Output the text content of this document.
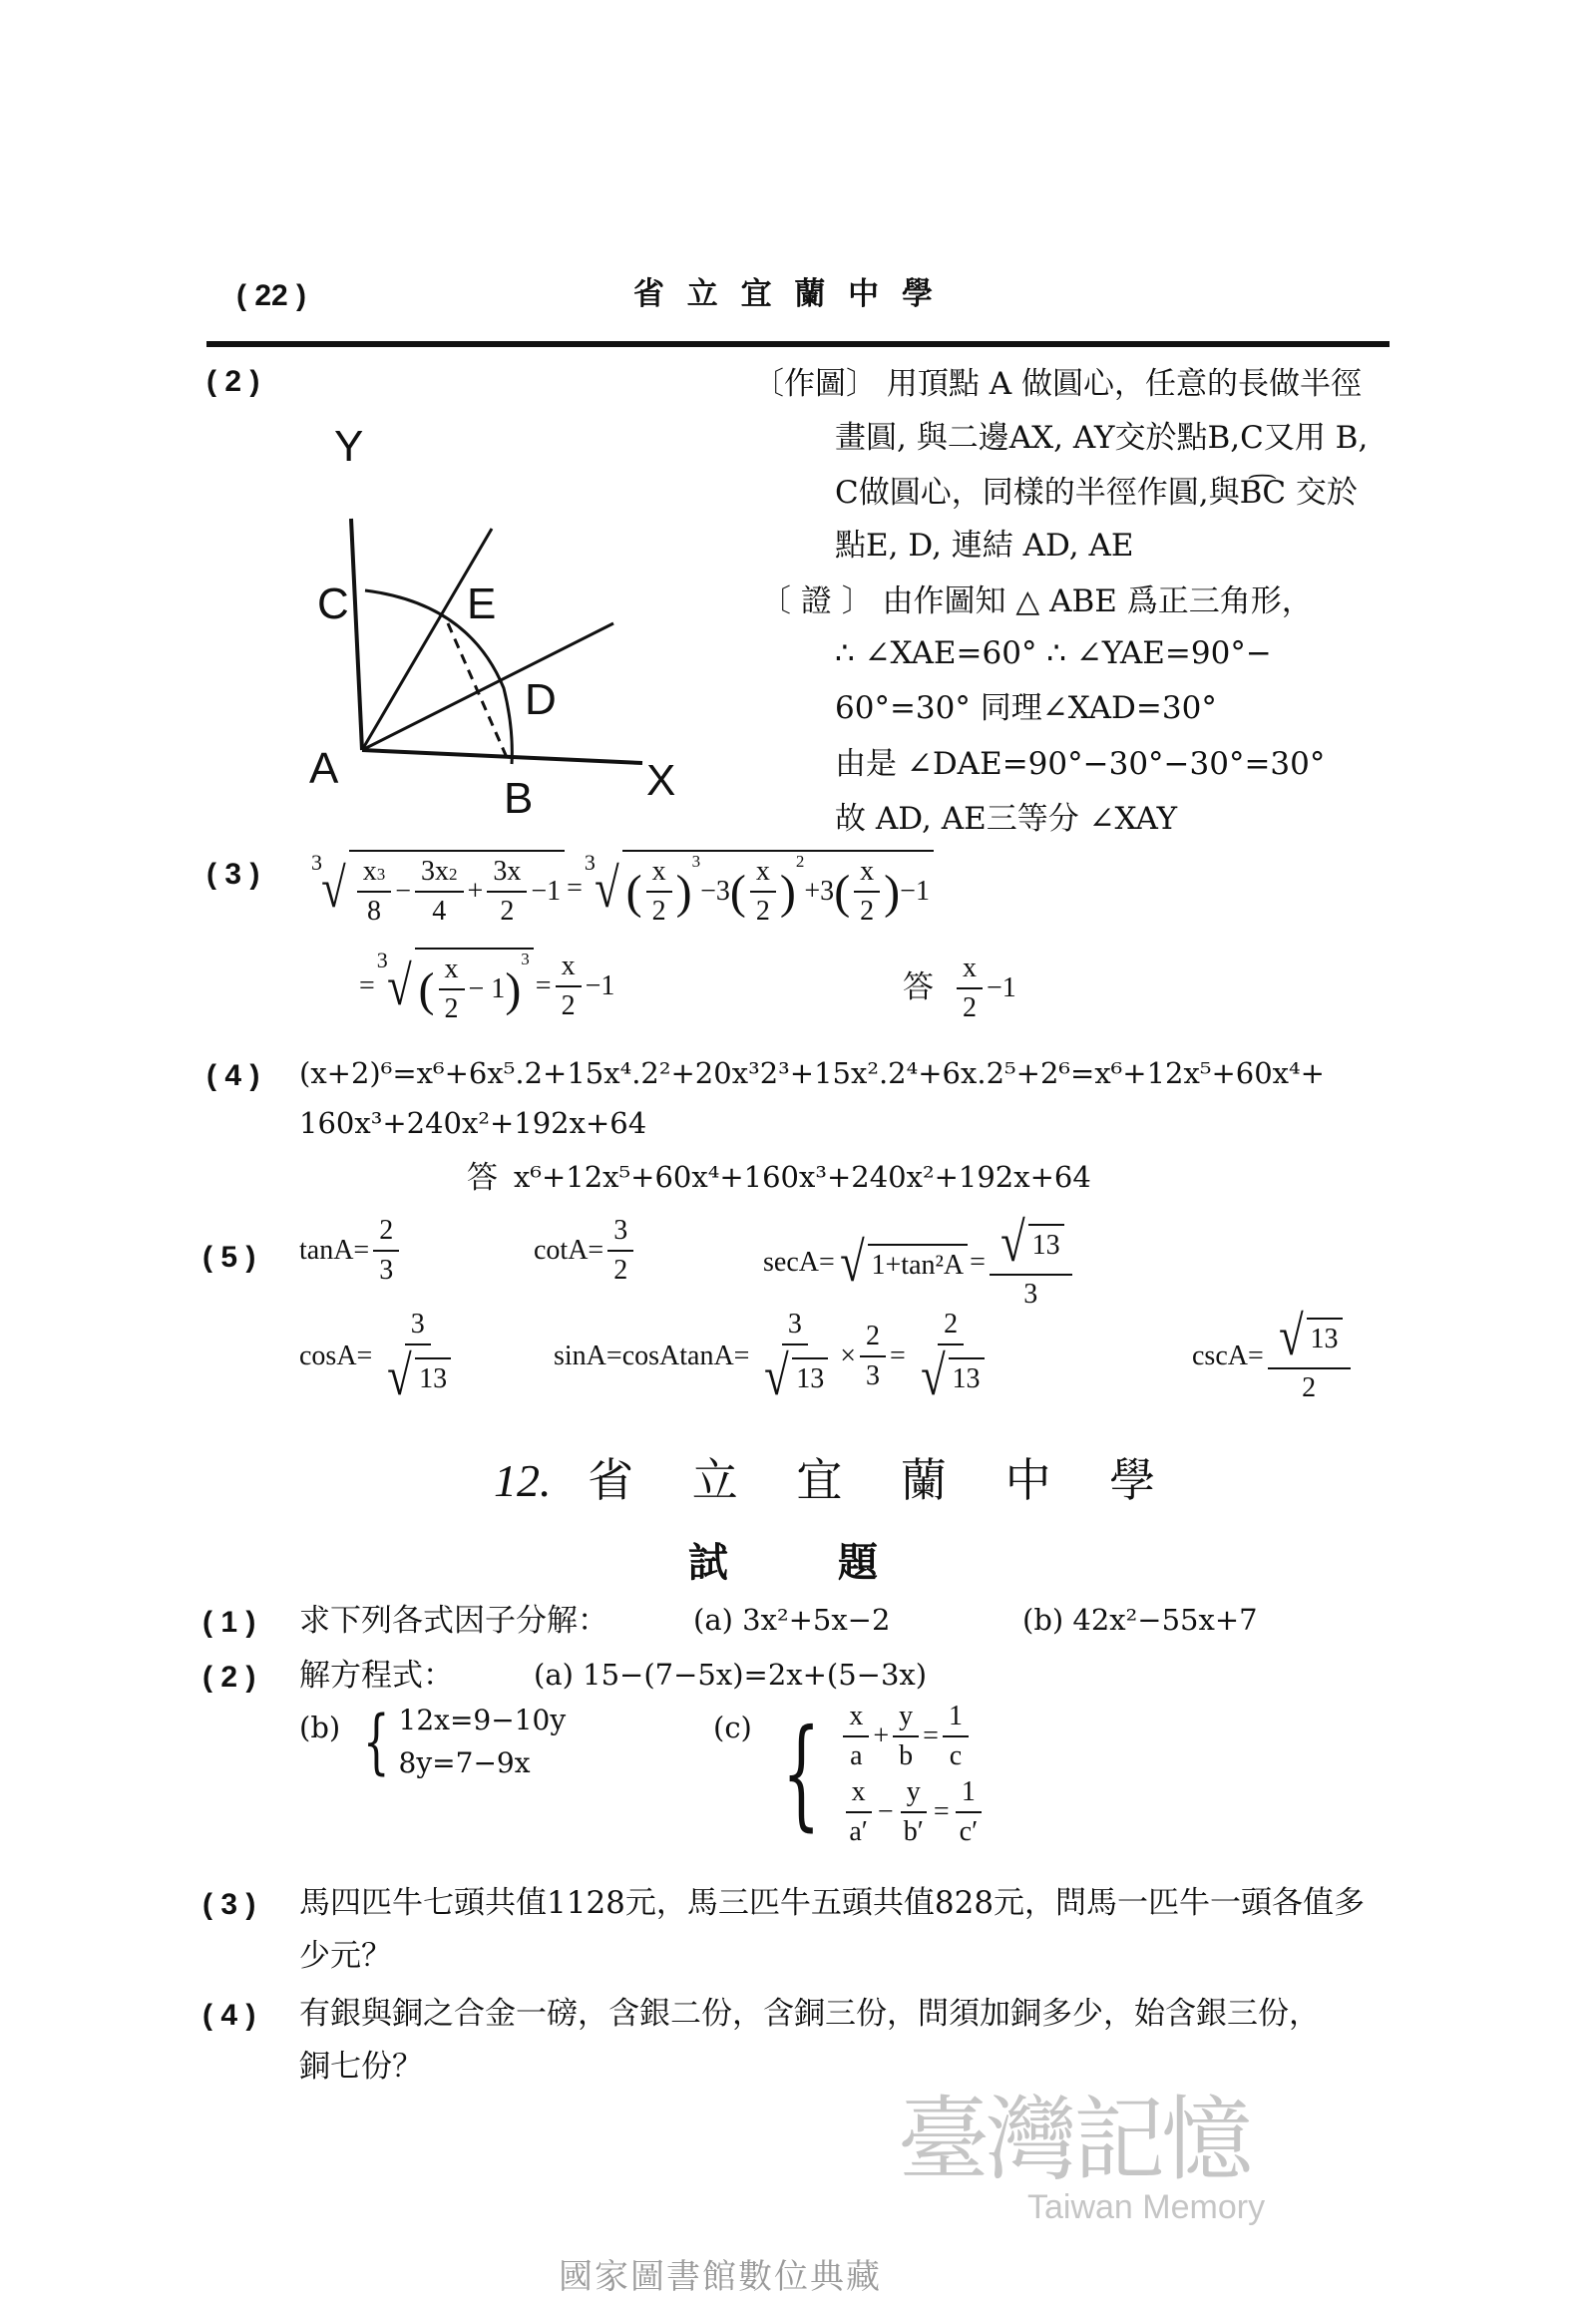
( 22 )	省 立 宜 蘭 中 學
( 2 )
Y
C	E
D
A
B	X
〔作圖〕 用頂點 A 做圓心，任意的長做半徑
畫圓, 與二邊AX, AY交於點B,C又用 B,
C做圓心，同樣的半徑作圓,與B͡C 交於
點E, D, 連結 AD, AE
〔 證 〕 由作圖知 △ ABE 爲正三角形，
∴ ∠XAE=60° ∴ ∠YAE=90°−
60°=30° 同理∠XAD=30°
由是 ∠DAE=90°−30°−30°=30°
故 AD, AE三等分 ∠XAY
( 3 ) 3 √ $\frac{x3}{8} - \frac{3x2}{4} + \frac{3x}{2} -1$ =
3 √ ( $\frac{x}{2}$ )
3
−3 ( $\frac{x}{2}$ )
2
+3 ( $\frac{x}{2}$ ) −1
=
3 √ ( $\frac{x}{2} - 1$ )
3
= $\frac{x}{2} -1$	答 $\frac{x}{2} -1$
( 4 ) (x+2)⁶=x⁶+6x⁵.2+15x⁴.2²+20x³2³+15x².2⁴+6x.2⁵+2⁶=x⁶+12x⁵+60x⁴+
160x³+240x²+192x+64
答 x⁶+12x⁵+60x⁴+160x³+240x²+192x+64
( 5 ) $\tan A= \frac{2}{3}$	$\cot A= \frac{3}{2}$	secA= √ $1+\tan^2A = \frac{√ 13}{3}$
$\cos A= \frac{3}{√ 13}$	sinA=cosAtanA= $\frac{3}{√ 13} \times \frac{2}{3} = \frac{2}{√ 13}$	$\csc A= \frac{√ 13}{2}$
12. 省 立 宜 蘭 中 學
試題
( 1 ) 求下列各式因子分解：	(a) 3x²+5x−2	(b) 42x²−55x+7
( 2 ) 解方程式：	(a) 15−(7−5x)=2x+(5−3x)
(b) { 12x=9−10y
8y=7−9x
(c) { $\frac{x}{a} + \frac{y}{b} = \frac{1}{c}$
$\frac{x}{a'} - \frac{y}{b'} = \frac{1}{c'}$
( 3 ) 馬四匹牛七頭共值1128元，馬三匹牛五頭共值828元，問馬一匹牛一頭各值多
少元？
( 4 ) 有銀與銅之合金一磅，含銀二份，含銅三份，問須加銅多少，始含銀三份，
銅七份？
臺灣記憶
Taiwan Memory
國家圖書館數位典藏
